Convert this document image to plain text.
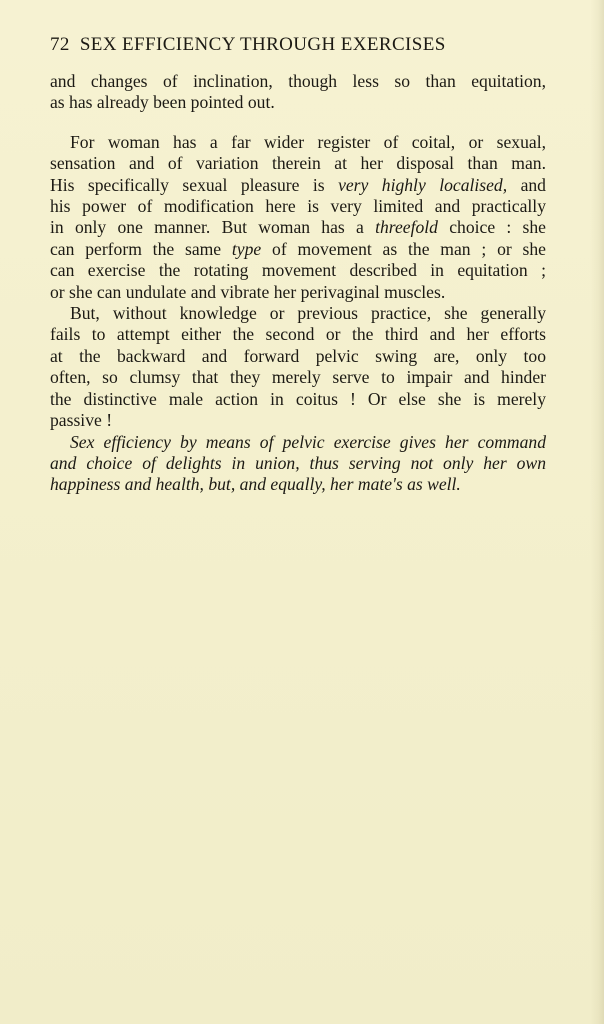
72 SEX EFFICIENCY THROUGH EXERCISES

and changes of inclination, though less so than equitation,
as has already been pointed out.

For woman has a far wider register of coital, or sexual,
sensation and of variation therein at her disposal than man.
His specifically sexual pleasure is very highly localised, and
his power of modification here is very limited and practically
in only one manner. But woman has a threefold choice : she
can perform the same type of movement as the man ; or she
can exercise the rotating movement described in equitation ;
or she can undulate and vibrate her perivaginal muscles.

But, without knowledge or previous practice, she generally
fails to attempt either the second or the third and her efforts
at the backward and forward pelvic swing are, only too
often, so clumsy that they merely serve to impair and hinder
the distinctive male action in coitus ! Or else she is merely
passive !

Sex efficiency by means of pelvic exercise gives her command
and choice of delights in union, thus serving not only her own
happiness and health, but, and equally, her mate's as well.
